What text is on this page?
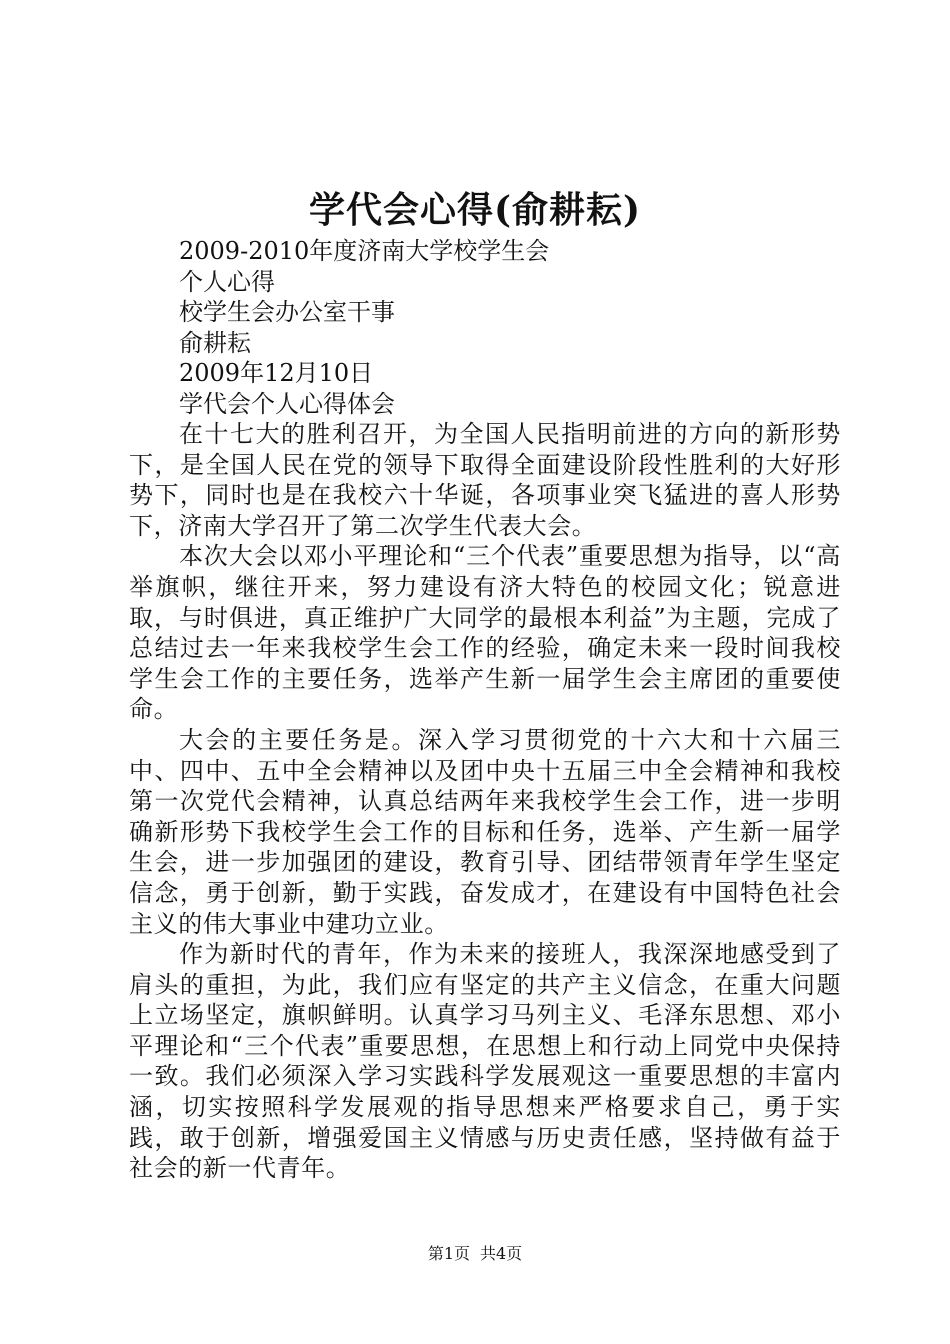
学代会心得(俞耕耘)
2009-2010年度济南大学校学生会
个人心得
校学生会办公室干事
俞耕耘
2009年12月10日
学代会个人心得体会

在十七大的胜利召开，为全国人民指明前进的方向的新形势下，是全国人民在党的领导下取得全面建设阶段性胜利的大好形势下，同时也是在我校六十华诞，各项事业突飞猛进的喜人形势下，济南大学召开了第二次学生代表大会。

本次大会以邓小平理论和“三个代表”重要思想为指导，以“高举旗帜，继往开来，努力建设有济大特色的校园文化；锐意进取，与时俱进，真正维护广大同学的最根本利益”为主题，完成了总结过去一年来我校学生会工作的经验，确定未来一段时间我校学生会工作的主要任务，选举产生新一届学生会主席团的重要使命。

大会的主要任务是。深入学习贯彻党的十六大和十六届三中、四中、五中全会精神以及团中央十五届三中全会精神和我校第一次党代会精神，认真总结两年来我校学生会工作，进一步明确新形势下我校学生会工作的目标和任务，选举、产生新一届学生会，进一步加强团的建设，教育引导、团结带领青年学生坚定信念，勇于创新，勤于实践，奋发成才，在建设有中国特色社会主义的伟大事业中建功立业。

作为新时代的青年，作为未来的接班人，我深深地感受到了肩头的重担，为此，我们应有坚定的共产主义信念，在重大问题上立场坚定，旗帜鲜明。认真学习马列主义、毛泽东思想、邓小平理论和“三个代表”重要思想，在思想上和行动上同党中央保持一致。我们必须深入学习实践科学发展观这一重要思想的丰富内涵，切实按照科学发展观的指导思想来严格要求自己，勇于实践，敢于创新，增强爱国主义情感与历史责任感，坚持做有益于社会的新一代青年。

第1页 共4页
